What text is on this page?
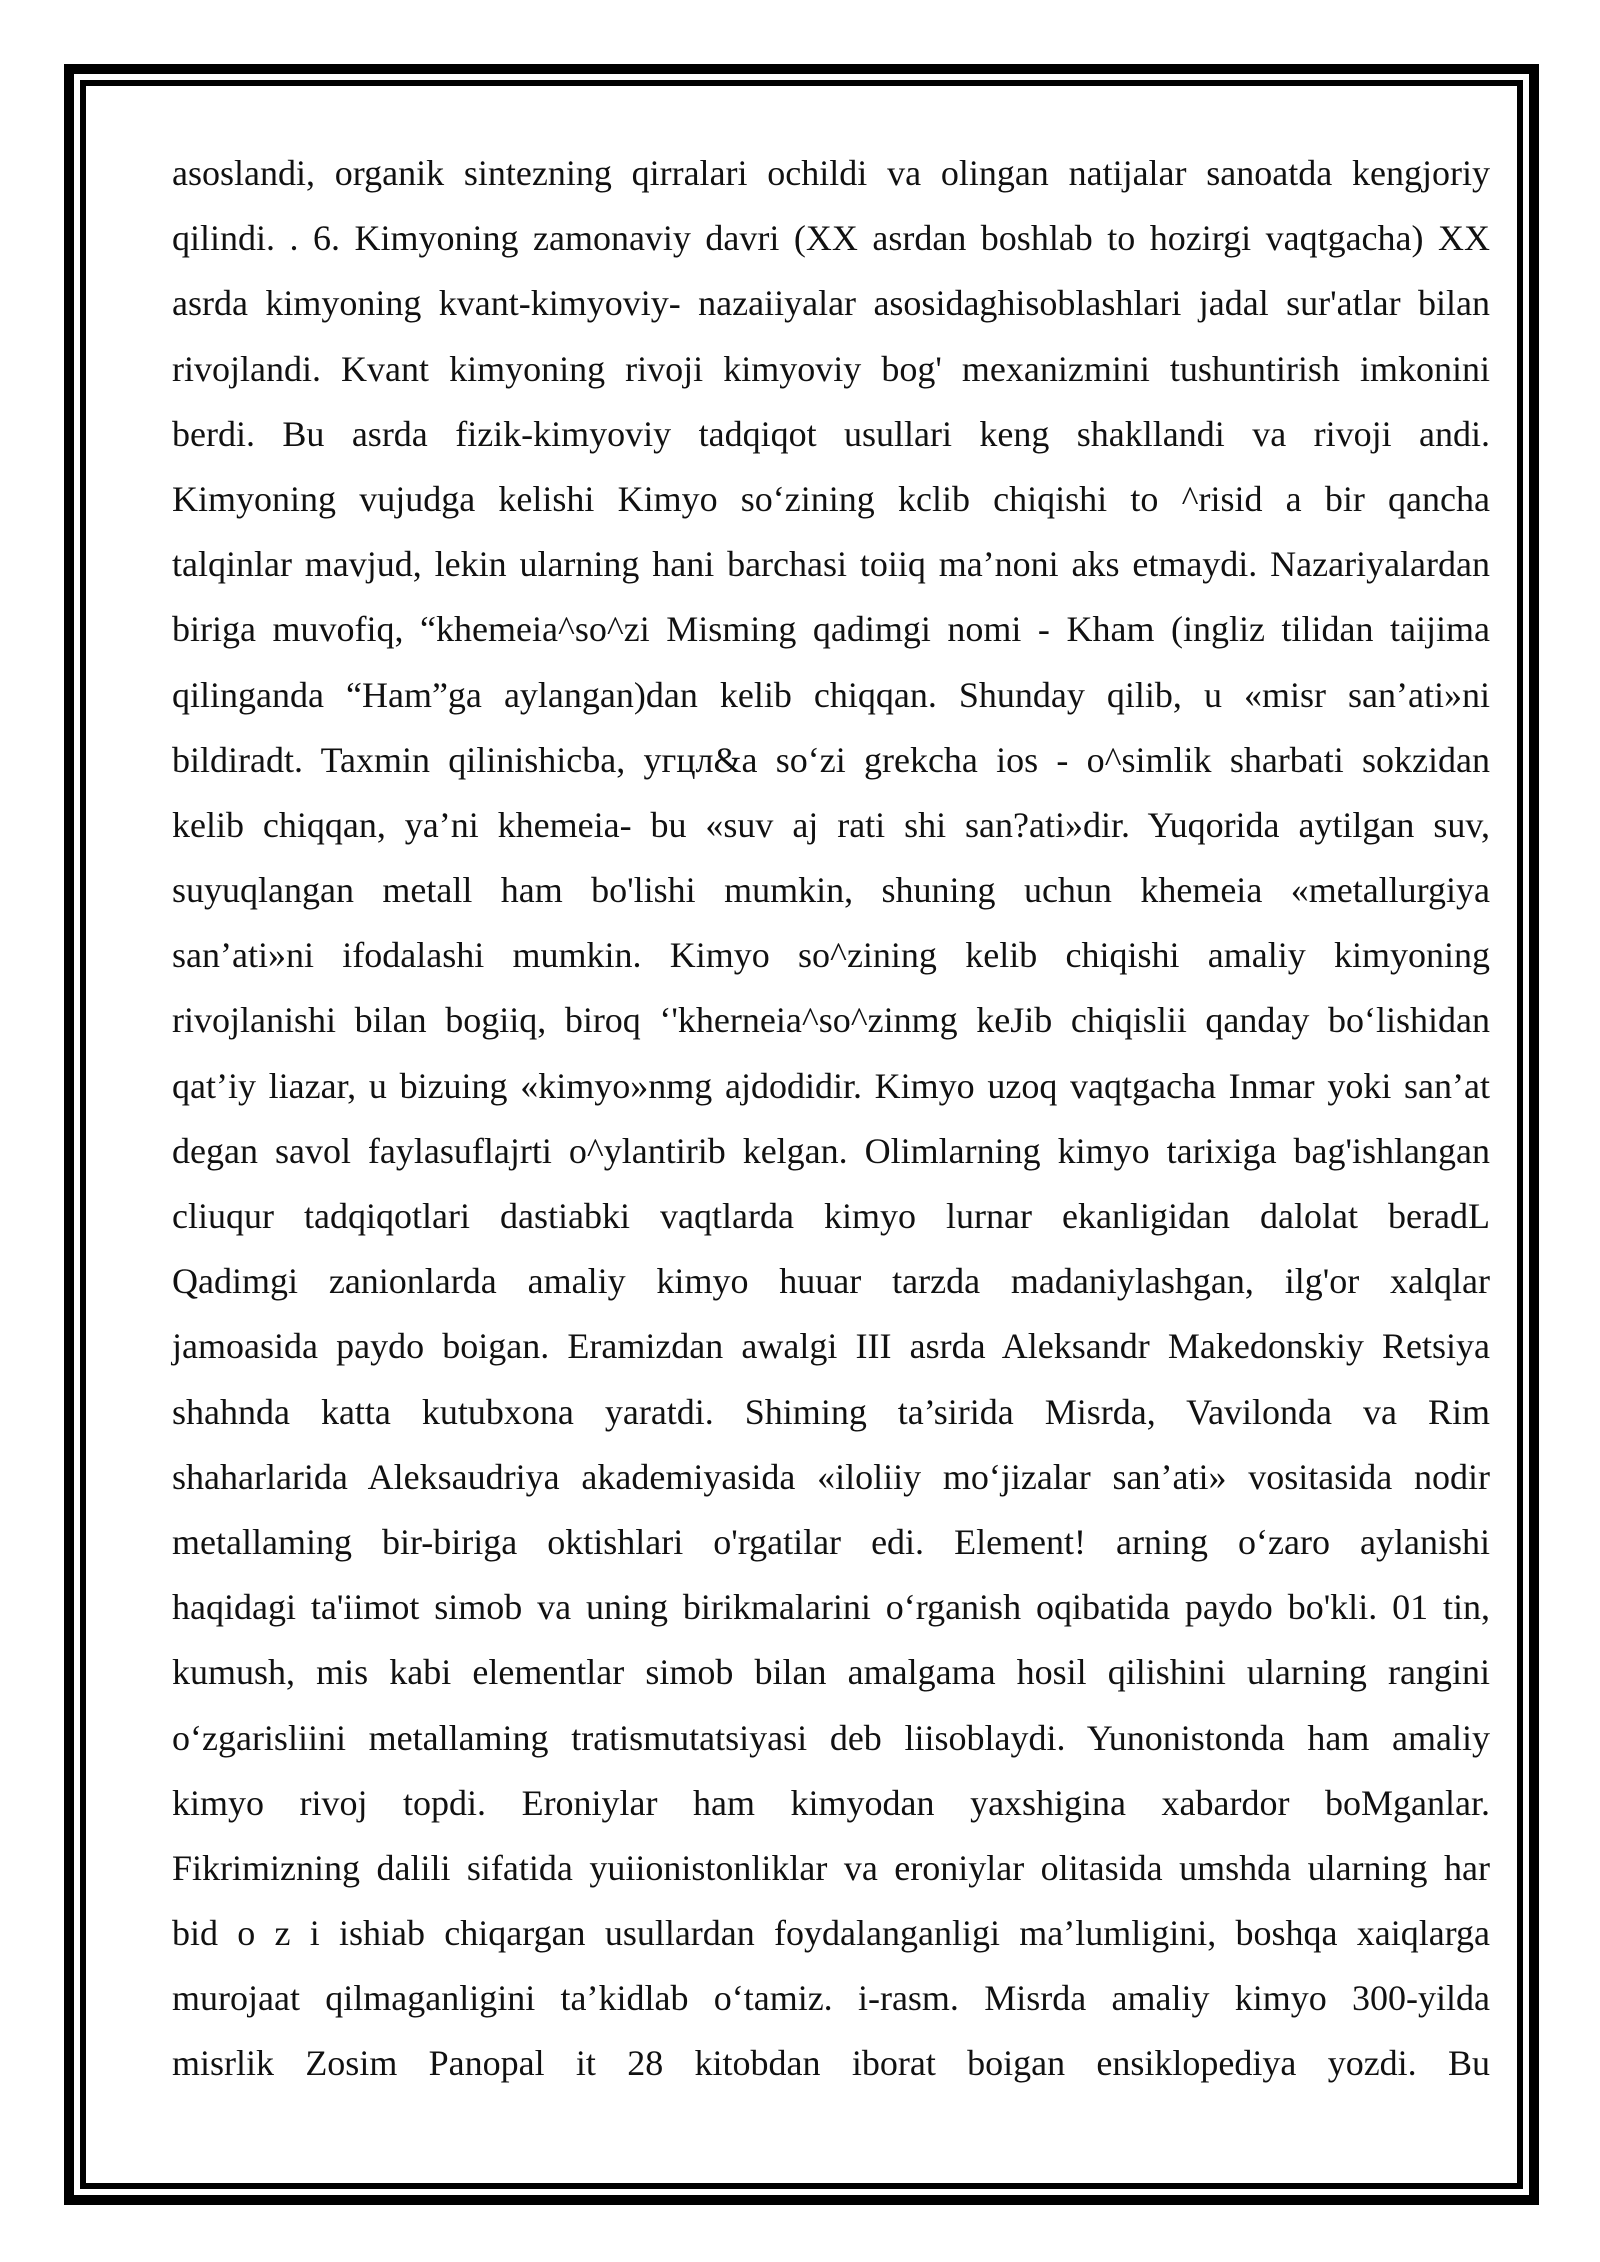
asoslandi, organik sintezning qirralari ochildi va olingan natijalar sanoatda kengjoriy
qilindi. . 6. Kimyoning zamonaviy davri (XX asrdan boshlab to hozirgi vaqtgacha) XX
asrda kimyoning kvant-kimyoviy- nazaiiyalar asosidaghisoblashlari jadal sur'atlar bilan
rivojlandi. Kvant kimyoning rivoji kimyoviy bog' mexanizmini tushuntirish imkonini
berdi. Bu asrda fizik-kimyoviy tadqiqot usullari keng shakllandi va rivoji andi.
Kimyoning vujudga kelishi Kimyo so‘zining kclib chiqishi to ^risid a bir qancha
talqinlar mavjud, lekin ularning hani barchasi toiiq ma’noni aks etmaydi. Nazariyalardan
biriga muvofiq, “khemeia^so^zi Misming qadimgi nomi - Kham (ingliz tilidan taijima
qilinganda “Ham”ga aylangan)dan kelib chiqqan. Shunday qilib, u «misr san’ati»ni
bildiradt. Taxmin qilinishicba, угцл&a so‘zi grekcha ios - o^simlik sharbati sokzidan
kelib chiqqan, ya’ni khemeia- bu «suv aj rati shi san?ati»dir. Yuqorida aytilgan suv,
suyuqlangan metall ham bo'lishi mumkin, shuning uchun khemeia «metallurgiya
san’ati»ni ifodalashi mumkin. Kimyo so^zining kelib chiqishi amaliy kimyoning
rivojlanishi bilan bogiiq, biroq ‘'kherneia^so^zinmg keJib chiqislii qanday bo‘lishidan
qat’iy liazar, u bizuing «kimyo»nmg ajdodidir. Kimyo uzoq vaqtgacha Inmar yoki san’at
degan savol faylasuflajrti o^ylantirib kelgan. Olimlarning kimyo tarixiga bag'ishlangan
cliuqur tadqiqotlari dastiabki vaqtlarda kimyo lurnar ekanligidan dalolat beradL
Qadimgi zanionlarda amaliy kimyo huuar tarzda madaniylashgan, ilg'or xalqlar
jamoasida paydo boigan. Eramizdan awalgi III asrda Aleksandr Makedonskiy Retsiya
shahnda katta kutubxona yaratdi. Shiming ta’sirida Misrda, Vavilonda va Rim
shaharlarida Aleksaudriya akademiyasida «iloliiy mo‘jizalar san’ati» vositasida nodir
metallaming bir-biriga oktishlari o'rgatilar edi. Element! arning o‘zaro aylanishi
haqidagi ta'iimot simob va uning birikmalarini o‘rganish oqibatida paydo bo'kli. 01 tin,
kumush, mis kabi elementlar simob bilan amalgama hosil qilishini ularning rangini
o‘zgarisliini metallaming tratismutatsiyasi deb liisoblaydi. Yunonistonda ham amaliy
kimyo rivoj topdi. Eroniylar ham kimyodan yaxshigina xabardor boMganlar.
Fikrimizning dalili sifatida yuiionistonliklar va eroniylar olitasida umshda ularning har
bid o z i ishiab chiqargan usullardan foydalanganligi ma’lumligini, boshqa xaiqlarga
murojaat qilmaganligini ta’kidlab o‘tamiz. i-rasm. Misrda amaliy kimyo 300-yilda
misrlik Zosim Panopal it 28 kitobdan iborat boigan ensiklopediya yozdi. Bu
